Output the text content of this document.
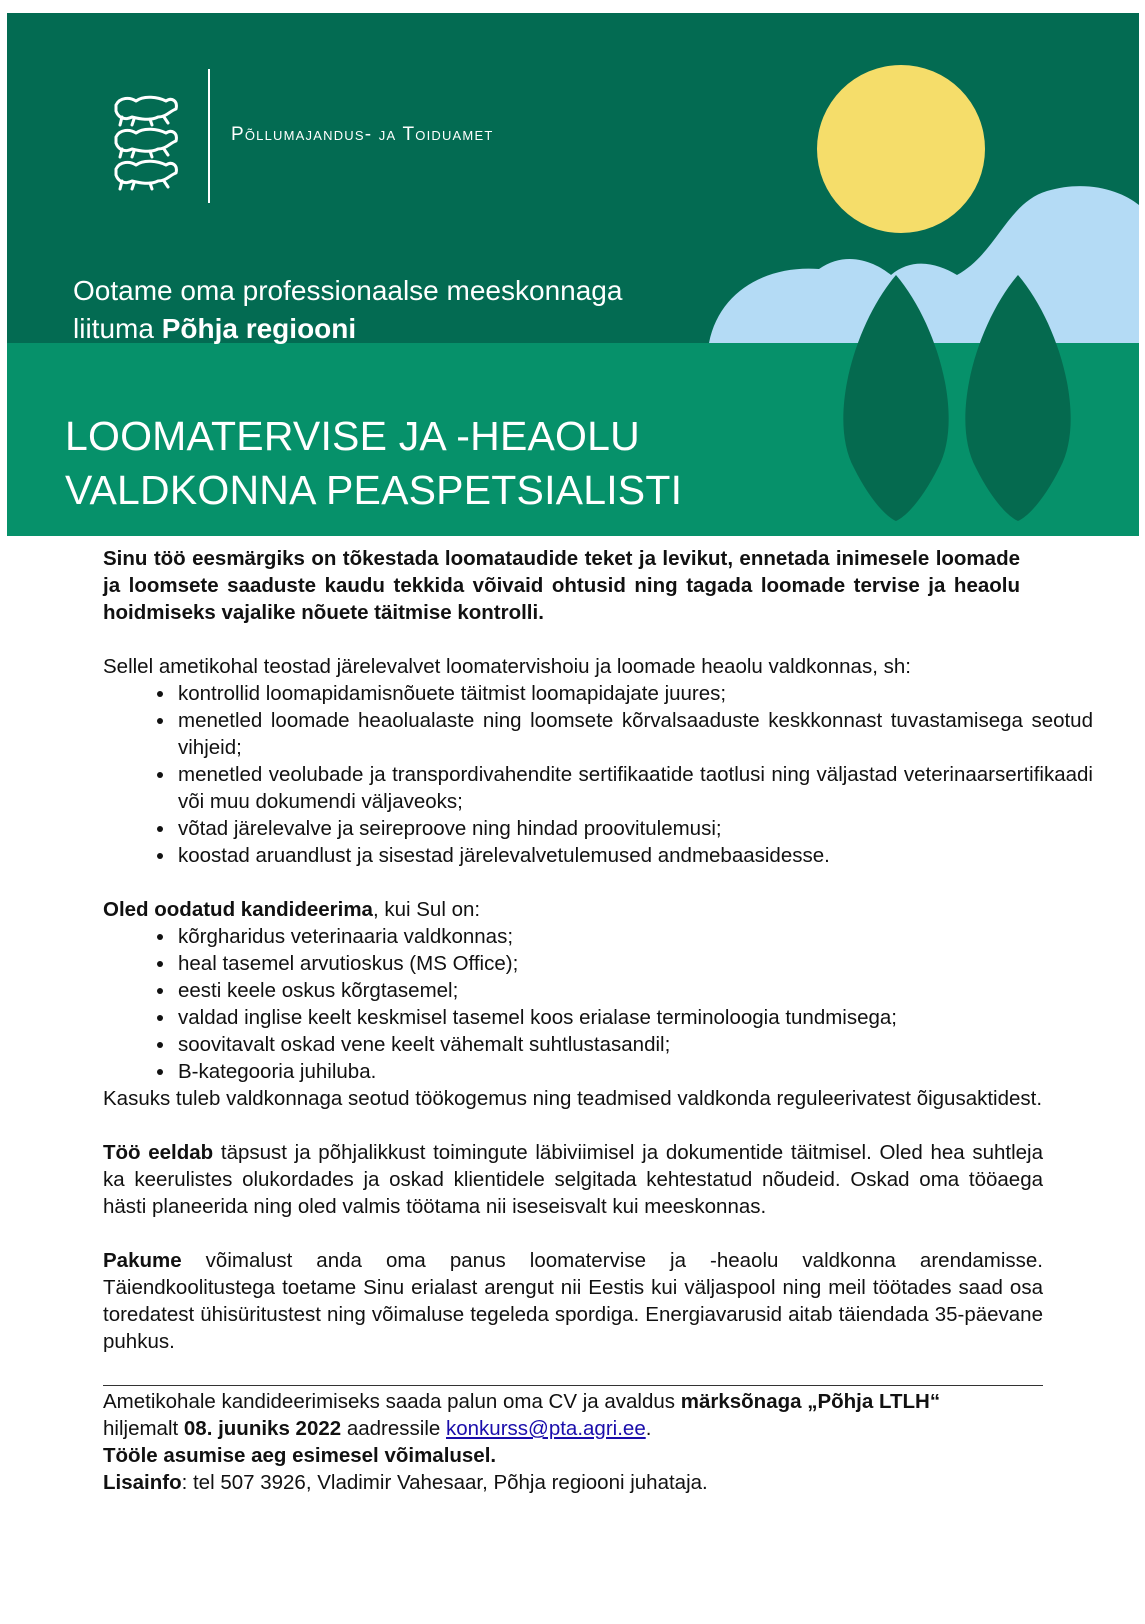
Põllumajandus- ja Toiduamet
Ootame oma professionaalse meeskonnaga
liituma Põhja regiooni
LOOMATERVISE JA -HEAOLU
VALDKONNA PEASPETSIALISTI

Sinu töö eesmärgiks on tõkestada loomataudide teket ja levikut, ennetada inimesele loomade ja loomsete saaduste kaudu tekkida võivaid ohtusid ning tagada loomade tervise ja heaolu hoidmiseks vajalike nõuete täitmise kontrolli.

Sellel ametikohal teostad järelevalvet loomatervishoiu ja loomade heaolu valdkonnas, sh:

• kontrollid loomapidamisnõuete täitmist loomapidajate juures;
• menetled loomade heaolualaste ning loomsete kõrvalsaaduste keskkonnast tuvastamisega seotud vihjeid;
• menetled veolubade ja transpordivahendite sertifikaatide taotlusi ning väljastad veterinaarsertifikaadi või muu dokumendi väljaveoks;
• võtad järelevalve ja seireproove ning hindad proovitulemusi;
• koostad aruandlust ja sisestad järelevalvetulemused andmebaasidesse.

Oled oodatud kandideerima, kui Sul on:

• kõrgharidus veterinaaria valdkonnas;
• heal tasemel arvutioskus (MS Office);
• eesti keele oskus kõrgtasemel;
• valdad inglise keelt keskmisel tasemel koos erialase terminoloogia tundmisega;
• soovitavalt oskad vene keelt vähemalt suhtlustasandil;
• B-kategooria juhiluba.

Kasuks tuleb valdkonnaga seotud töökogemus ning teadmised valdkonda reguleerivatest õigusaktidest.

Töö eeldab täpsust ja põhjalikkust toimingute läbiviimisel ja dokumentide täitmisel. Oled hea suhtleja ka keerulistes olukordades ja oskad klientidele selgitada kehtestatud nõudeid. Oskad oma tööaega hästi planeerida ning oled valmis töötama nii iseseisvalt kui meeskonnas.

Pakume võimalust anda oma panus loomatervise ja -heaolu valdkonna arendamisse. Täiendkoolitustega toetame Sinu erialast arengut nii Eestis kui väljaspool ning meil töötades saad osa toredatest ühisüritustest ning võimaluse tegeleda spordiga. Energiavarusid aitab täiendada 35-päevane puhkus.

Ametikohale kandideerimiseks saada palun oma CV ja avaldus märksõnaga „Põhja LTLH“

hiljemalt 08. juuniks 2022 aadressile konkurss@pta.agri.ee.

Tööle asumise aeg esimesel võimalusel.

Lisainfo: tel 507 3926, Vladimir Vahesaar, Põhja regiooni juhataja.
